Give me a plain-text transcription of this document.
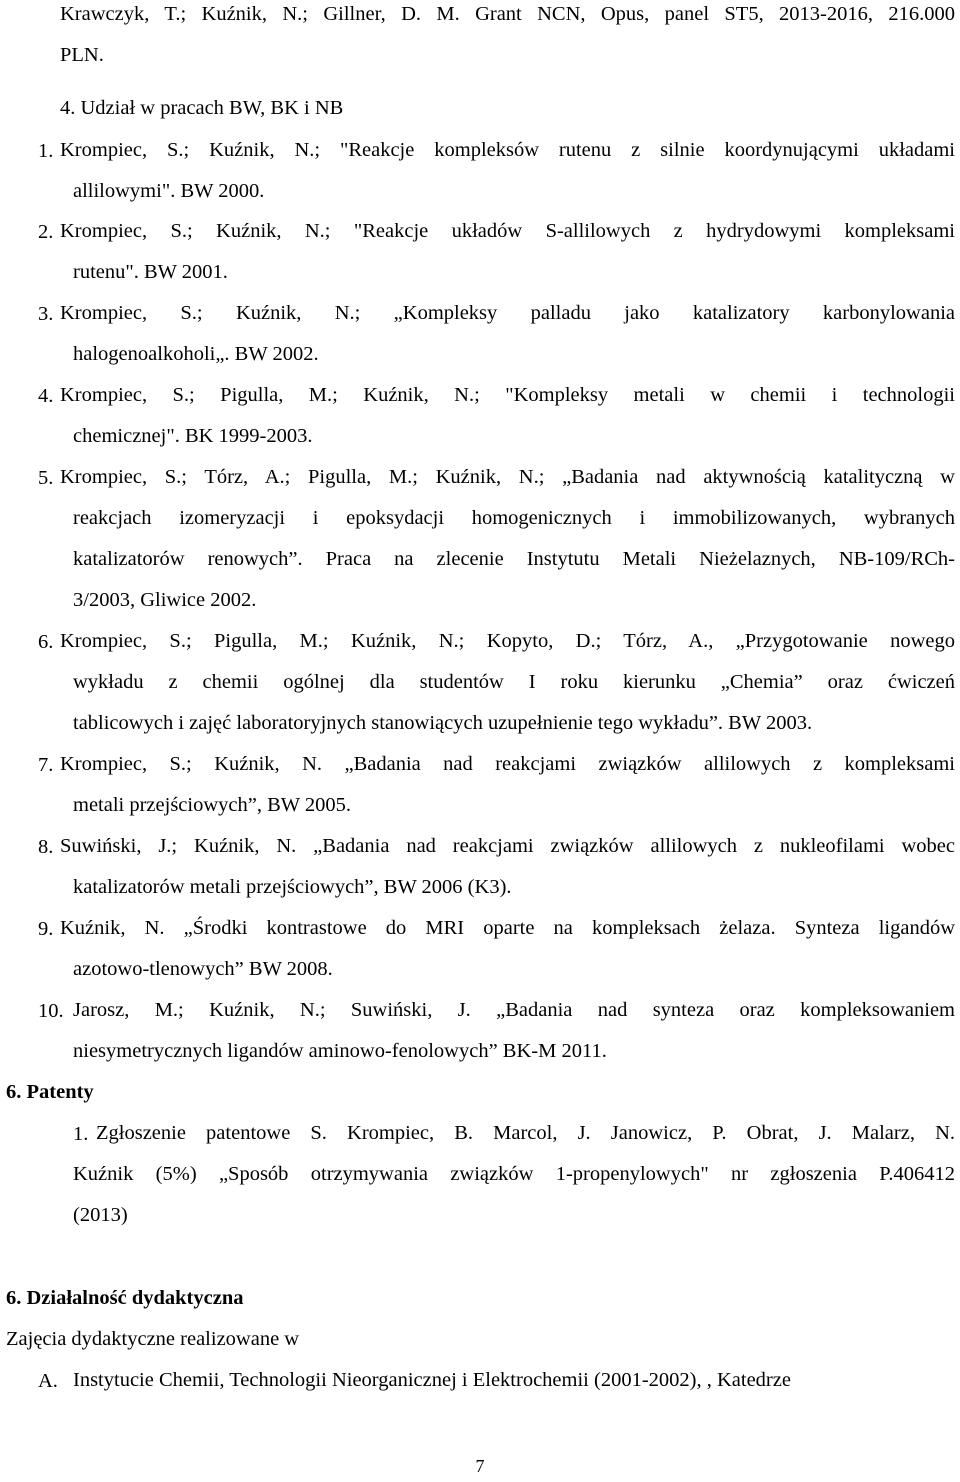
Krawczyk, T.; Kuźnik, N.; Gillner, D. M. Grant NCN, Opus, panel ST5, 2013-2016, 216.000
PLN.
4. Udział w pracach BW, BK i NB
1. Krompiec, S.; Kuźnik, N.; "Reakcje kompleksów rutenu z silnie koordynującymi układami
allilowymi". BW 2000.
2. Krompiec, S.; Kuźnik, N.; "Reakcje układów S-allilowych z hydrydowymi kompleksami
rutenu". BW 2001.
3. Krompiec, S.; Kuźnik, N.; „Kompleksy palladu jako katalizatory karbonylowania
halogenoalkoholi„. BW 2002.
4. Krompiec, S.; Pigulla, M.; Kuźnik, N.; "Kompleksy metali w chemii i technologii
chemicznej". BK 1999-2003.
5. Krompiec, S.; Tórz, A.; Pigulla, M.; Kuźnik, N.; „Badania nad aktywnością katalityczną w
reakcjach izomeryzacji i epoksydacji homogenicznych i immobilizowanych, wybranych
katalizatorów renowych”. Praca na zlecenie Instytutu Metali Nieżelaznych, NB-109/RCh-
3/2003, Gliwice 2002.
6. Krompiec, S.; Pigulla, M.; Kuźnik, N.; Kopyto, D.; Tórz, A., „Przygotowanie nowego
wykładu z chemii ogólnej dla studentów I roku kierunku „Chemia” oraz ćwiczeń
tablicowych i zajęć laboratoryjnych stanowiących uzupełnienie tego wykładu”. BW 2003.
7. Krompiec, S.; Kuźnik, N. „Badania nad reakcjami związków allilowych z kompleksami
metali przejściowych”, BW 2005.
8. Suwiński, J.; Kuźnik, N. „Badania nad reakcjami związków allilowych z nukleofilami wobec
katalizatorów metali przejściowych”, BW 2006 (K3).
9. Kuźnik, N. „Środki kontrastowe do MRI oparte na kompleksach żelaza. Synteza ligandów
azotowo-tlenowych” BW 2008.
10. Jarosz, M.; Kuźnik, N.; Suwiński, J. „Badania nad synteza oraz kompleksowaniem
niesymetrycznych ligandów aminowo-fenolowych” BK-M 2011.
6. Patenty
1. Zgłoszenie patentowe S. Krompiec, B. Marcol, J. Janowicz, P. Obrat, J. Malarz, N.
Kuźnik (5%) „Sposób otrzymywania związków 1-propenylowych" nr zgłoszenia P.406412
(2013)
6. Działalność dydaktyczna
Zajęcia dydaktyczne realizowane w
A. Instytucie Chemii, Technologii Nieorganicznej i Elektrochemii (2001-2002), , Katedrze
7
